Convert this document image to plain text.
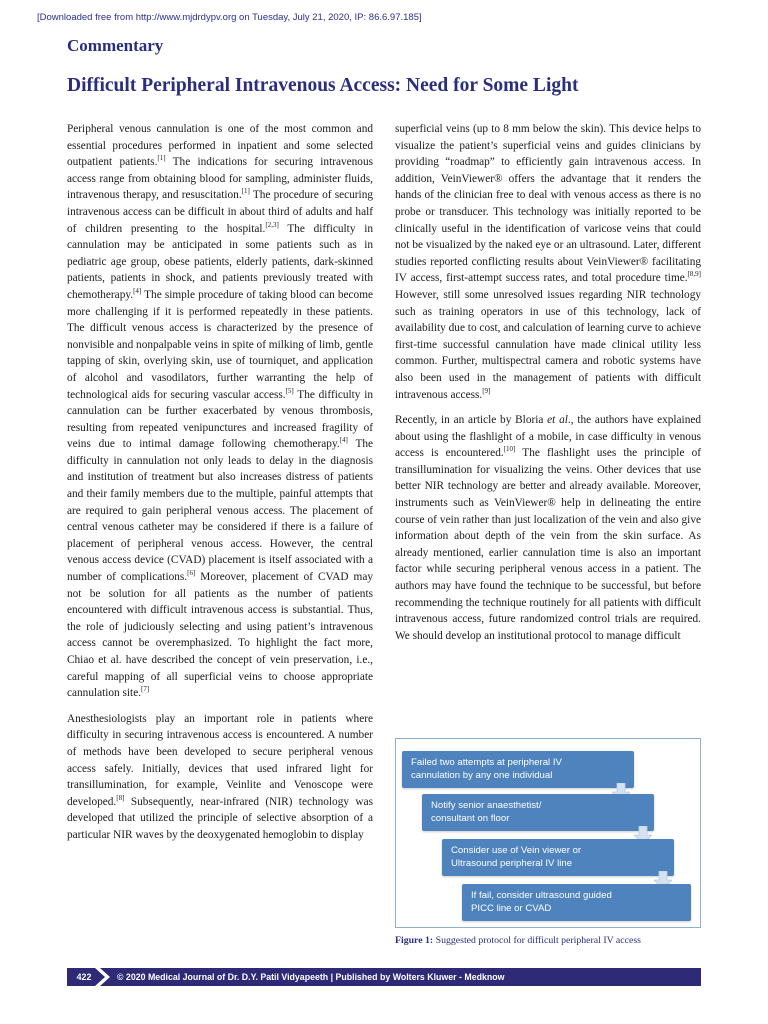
[Downloaded free from http://www.mjdrdypv.org on Tuesday, July 21, 2020, IP: 86.6.97.185]
Commentary
Difficult Peripheral Intravenous Access: Need for Some Light

Peripheral venous cannulation is one of the most common and essential procedures performed in inpatient and some selected outpatient patients.[1] The indications for securing intravenous access range from obtaining blood for sampling, administer fluids, intravenous therapy, and resuscitation.[1] The procedure of securing intravenous access can be difficult in about third of adults and half of children presenting to the hospital.[2,3] The difficulty in cannulation may be anticipated in some patients such as in pediatric age group, obese patients, elderly patients, dark-skinned patients, patients in shock, and patients previously treated with chemotherapy.[4] The simple procedure of taking blood can become more challenging if it is performed repeatedly in these patients. The difficult venous access is characterized by the presence of nonvisible and nonpalpable veins in spite of milking of limb, gentle tapping of skin, overlying skin, use of tourniquet, and application of alcohol and vasodilators, further warranting the help of technological aids for securing vascular access.[5] The difficulty in cannulation can be further exacerbated by venous thrombosis, resulting from repeated venipunctures and increased fragility of veins due to intimal damage following chemotherapy.[4] The difficulty in cannulation not only leads to delay in the diagnosis and institution of treatment but also increases distress of patients and their family members due to the multiple, painful attempts that are required to gain peripheral venous access. The placement of central venous catheter may be considered if there is a failure of placement of peripheral venous access. However, the central venous access device (CVAD) placement is itself associated with a number of complications.[6] Moreover, placement of CVAD may not be solution for all patients as the number of patients encountered with difficult intravenous access is substantial. Thus, the role of judiciously selecting and using patient’s intravenous access cannot be overemphasized. To highlight the fact more, Chiao et al. have described the concept of vein preservation, i.e., careful mapping of all superficial veins to choose appropriate cannulation site.[7]

Anesthesiologists play an important role in patients where difficulty in securing intravenous access is encountered. A number of methods have been developed to secure peripheral venous access safely. Initially, devices that used infrared light for transillumination, for example, Veinlite and Venoscope were developed.[8] Subsequently, near-infrared (NIR) technology was developed that utilized the principle of selective absorption of a particular NIR waves by the deoxygenated hemoglobin to display

superficial veins (up to 8 mm below the skin). This device helps to visualize the patient’s superficial veins and guides clinicians by providing “roadmap” to efficiently gain intravenous access. In addition, VeinViewer® offers the advantage that it renders the hands of the clinician free to deal with venous access as there is no probe or transducer. This technology was initially reported to be clinically useful in the identification of varicose veins that could not be visualized by the naked eye or an ultrasound. Later, different studies reported conflicting results about VeinViewer® facilitating IV access, first-attempt success rates, and total procedure time.[8,9] However, still some unresolved issues regarding NIR technology such as training operators in use of this technology, lack of availability due to cost, and calculation of learning curve to achieve first-time successful cannulation have made clinical utility less common. Further, multispectral camera and robotic systems have also been used in the management of patients with difficult intravenous access.[9]

Recently, in an article by Bloria et al., the authors have explained about using the flashlight of a mobile, in case difficulty in venous access is encountered.[10] The flashlight uses the principle of transillumination for visualizing the veins. Other devices that use better NIR technology are better and already available. Moreover, instruments such as VeinViewer® help in delineating the entire course of vein rather than just localization of the vein and also give information about depth of the vein from the skin surface. As already mentioned, earlier cannulation time is also an important factor while securing peripheral venous access in a patient. The authors may have found the technique to be successful, but before recommending the technique routinely for all patients with difficult intravenous access, future randomized control trials are required. We should develop an institutional protocol to manage difficult

Failed two attempts at peripheral IV
cannulation by any one individual
Notify senior anaesthetist/
consultant on floor
Consider use of Vein viewer or
Ultrasound peripheral IV line
If fail, consider ultrasound guided
PICC line or CVAD
Figure 1: Suggested protocol for difficult peripheral IV access
422	© 2020 Medical Journal of Dr. D.Y. Patil Vidyapeeth | Published by Wolters Kluwer - Medknow
